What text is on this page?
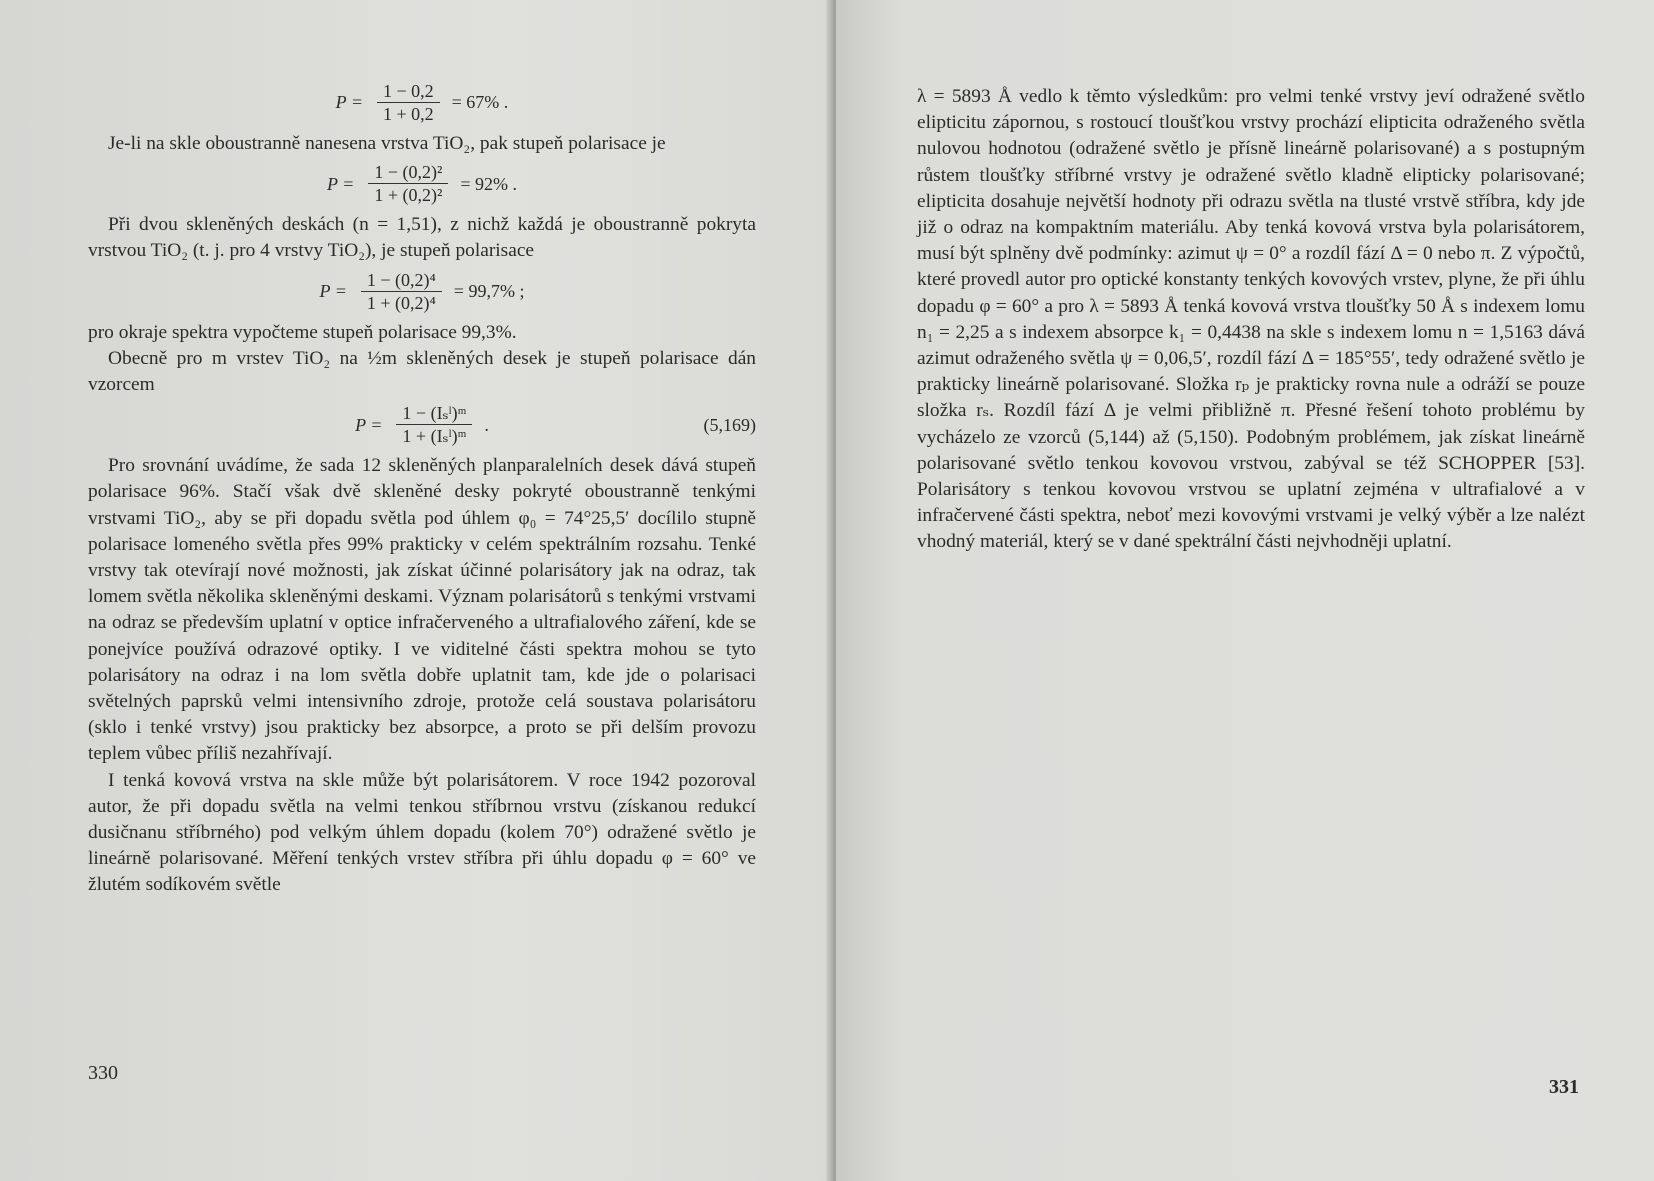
$P = \frac{1 - 0,2}{1 + 0,2} = 67\%$ .

Je-li na skle oboustranně nanesena vrstva TiO₂, pak stupeň polarisace je

$P = \frac{\text{1 − (0,2)²}}{\text{1 + (0,2)²}} = 92\%$ .

Při dvou skleněných deskách (n = 1,51), z nichž každá je oboustranně pokryta vrstvou TiO₂ (t. j. pro 4 vrstvy TiO₂), je stupeň polarisace

$P = \frac{\text{1 − (0,2)⁴}}{\text{1 + (0,2)⁴}} = 99,7\%$ ;

pro okraje spektra vypočteme stupeň polarisace 99,3%.

Obecně pro m vrstev TiO₂ na ½m skleněných desek je stupeň polarisace dán vzorcem

$P = \frac{\text{1 − (Iₛˡ)ᵐ}}{\text{1 + (Iₛˡ)ᵐ}}$ .	(5,169)

Pro srovnání uvádíme, že sada 12 skleněných planparalelních desek dává stupeň polarisace 96%. Stačí však dvě skleněné desky pokryté oboustranně tenkými vrstvami TiO₂, aby se při dopadu světla pod úhlem φ₀ = 74°25,5′ docílilo stupně polarisace lomeného světla přes 99% prakticky v celém spektrálním rozsahu. Tenké vrstvy tak otevírají nové možnosti, jak získat účinné polarisátory jak na odraz, tak lomem světla několika skleněnými deskami. Význam polarisátorů s tenkými vrstvami na odraz se především uplatní v optice infračerveného a ultrafialového záření, kde se ponejvíce používá odrazové optiky. I ve viditelné části spektra mohou se tyto polarisátory na odraz i na lom světla dobře uplatnit tam, kde jde o polarisaci světelných paprsků velmi intensivního zdroje, protože celá soustava polarisátoru (sklo i tenké vrstvy) jsou prakticky bez absorpce, a proto se při delším provozu teplem vůbec příliš nezahřívají.

I tenká kovová vrstva na skle může být polarisátorem. V roce 1942 pozoroval autor, že při dopadu světla na velmi tenkou stříbrnou vrstvu (získanou redukcí dusičnanu stříbrného) pod velkým úhlem dopadu (kolem 70°) odražené světlo je lineárně polarisované. Měření tenkých vrstev stříbra při úhlu dopadu φ = 60° ve žlutém sodíkovém světle

330

λ = 5893 Å vedlo k těmto výsledkům: pro velmi tenké vrstvy jeví odražené světlo elipticitu zápornou, s rostoucí tloušťkou vrstvy prochází elipticita odraženého světla nulovou hodnotou (odražené světlo je přísně lineárně polarisované) a s postupným růstem tloušťky stříbrné vrstvy je odražené světlo kladně elipticky polarisované; elipticita dosahuje největší hodnoty při odrazu světla na tlusté vrstvě stříbra, kdy jde již o odraz na kompaktním materiálu. Aby tenká kovová vrstva byla polarisátorem, musí být splněny dvě podmínky: azimut ψ = 0° a rozdíl fází Δ = 0 nebo π. Z výpočtů, které provedl autor pro optické konstanty tenkých kovových vrstev, plyne, že při úhlu dopadu φ = 60° a pro λ = 5893 Å tenká kovová vrstva tloušťky 50 Å s indexem lomu n₁ = 2,25 a s indexem absorpce k₁ = 0,4438 na skle s indexem lomu n = 1,5163 dává azimut odraženého světla ψ = 0,06,5′, rozdíl fází Δ = 185°55′, tedy odražené světlo je prakticky lineárně polarisované. Složka rₚ je prakticky rovna nule a odráží se pouze složka rₛ. Rozdíl fází Δ je velmi přibližně π. Přesné řešení tohoto problému by vycházelo ze vzorců (5,144) až (5,150). Podobným problémem, jak získat lineárně polarisované světlo tenkou kovovou vrstvou, zabýval se též SCHOPPER [53]. Polarisátory s tenkou kovovou vrstvou se uplatní zejména v ultrafialové a v infračervené části spektra, neboť mezi kovovými vrstvami je velký výběr a lze nalézt vhodný materiál, který se v dané spektrální části nejvhodněji uplatní.

331
